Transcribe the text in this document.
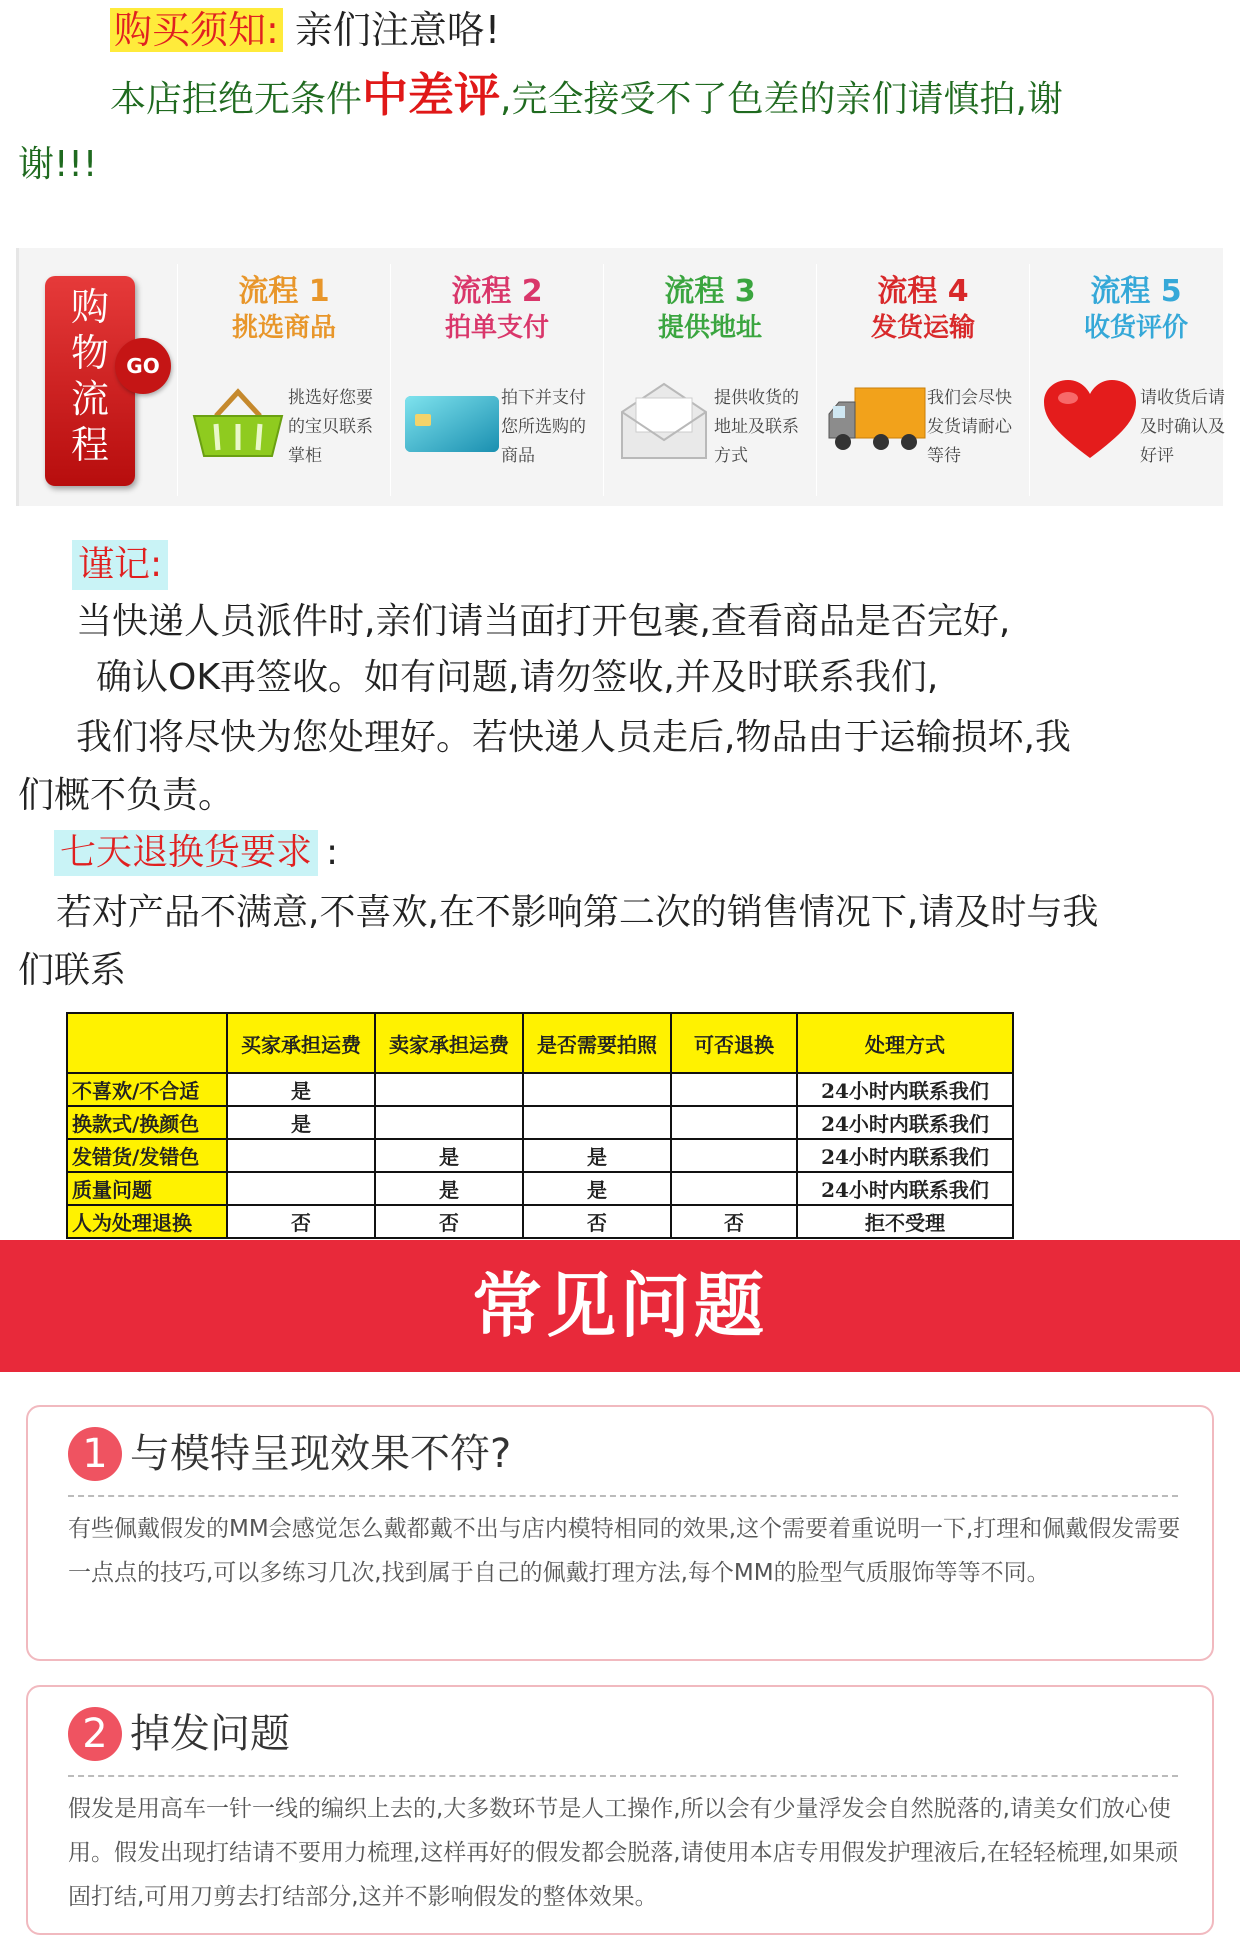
购买须知: 亲们注意咯!
本店拒绝无条件中差评,完全接受不了色差的亲们请慎拍,谢
谢!!!
购
物
流
程
GO
流程 1
挑选商品
挑选好您要的宝贝联系掌柜
流程 2
拍单支付
拍下并支付您所选购的商品
流程 3
提供地址
提供收货的地址及联系方式
流程 4
发货运输
我们会尽快发货请耐心等待
流程 5
收货评价
请收货后请及时确认及好评
谨记:
当快递人员派件时,亲们请当面打开包裹,查看商品是否完好,
确认OK再签收。如有问题,请勿签收,并及时联系我们,
我们将尽快为您处理好。若快递人员走后,物品由于运输损坏,我
们概不负责。
七天退换货要求 :
若对产品不满意,不喜欢,在不影响第二次的销售情况下,请及时与我
们联系
	买家承担运费	卖家承担运费	是否需要拍照	可否退换	处理方式
不喜欢/不合适	是				24小时内联系我们
换款式/换颜色	是				24小时内联系我们
发错货/发错色		是	是		24小时内联系我们
质量问题		是	是		24小时内联系我们
人为处理退换	否	否	否	否	拒不受理
常见问题
1 与模特呈现效果不符?
有些佩戴假发的MM会感觉怎么戴都戴不出与店内模特相同的效果,这个需要着重说明一下,打理和佩戴假发需要一点点的技巧,可以多练习几次,找到属于自己的佩戴打理方法,每个MM的脸型气质服饰等等不同。
2 掉发问题
假发是用高车一针一线的编织上去的,大多数环节是人工操作,所以会有少量浮发会自然脱落的,请美女们放心使用。假发出现打结请不要用力梳理,这样再好的假发都会脱落,请使用本店专用假发护理液后,在轻轻梳理,如果顽固打结,可用刀剪去打结部分,这并不影响假发的整体效果。
